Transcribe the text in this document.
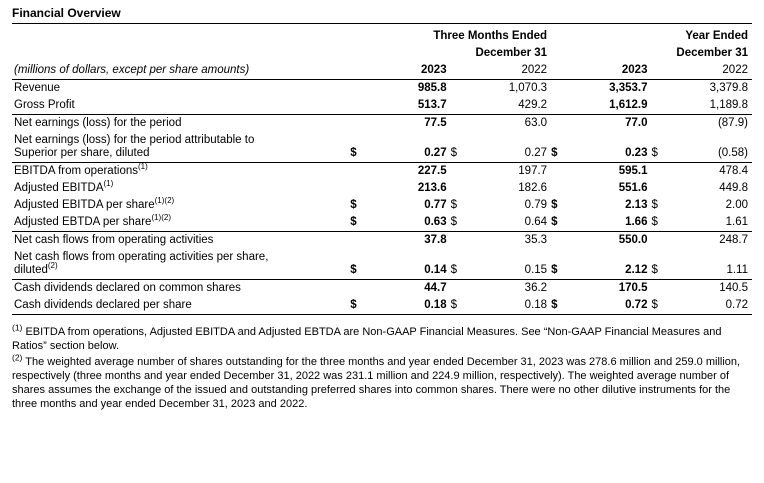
Financial Overview
		Three Months Ended				Year Ended		
		December 31				December 31		
(millions of dollars, except per share amounts)		2023		2022		2023		2022
Revenue		985.8		1,070.3		3,353.7		3,379.8
Gross Profit		513.7		429.2		1,612.9		1,189.8
Net earnings (loss) for the period		77.5		63.0		77.0		(87.9)
Net earnings (loss) for the period attributable to
Superior per share, diluted	$	0.27	$	0.27	$	0.23	$	(0.58)
EBITDA from operations$^{(1)}$		227.5		197.7		595.1		478.4
Adjusted EBITDA$^{(1)}$		213.6		182.6		551.6		449.8
Adjusted EBITDA per share$^{(1)(2)}$	$	0.77	$	0.79	$	2.13	$	2.00
Adjusted EBTDA per share$^{(1)(2)}$	$	0.63	$	0.64	$	1.66	$	1.61
Net cash flows from operating activities		37.8		35.3		550.0		248.7
Net cash flows from operating activities per share,
diluted$^{(2)}$	$	0.14	$	0.15	$	2.12	$	1.11
Cash dividends declared on common shares		44.7		36.2		170.5		140.5
Cash dividends declared per share	$	0.18	$	0.18	$	0.72	$	0.72
$^{(1)}$ EBITDA from operations, Adjusted EBITDA and Adjusted EBTDA are Non-GAAP Financial Measures. See “Non-GAAP Financial Measures and Ratios” section below.
$^{(2)}$ The weighted average number of shares outstanding for the three months and year ended December 31, 2023 was 278.6 million and 259.0 million, respectively (three months and year ended December 31, 2022 was 231.1 million and 224.9 million, respectively). The weighted average number of shares assumes the exchange of the issued and outstanding preferred shares into common shares. There were no other dilutive instruments for the three months and year ended December 31, 2023 and 2022.
